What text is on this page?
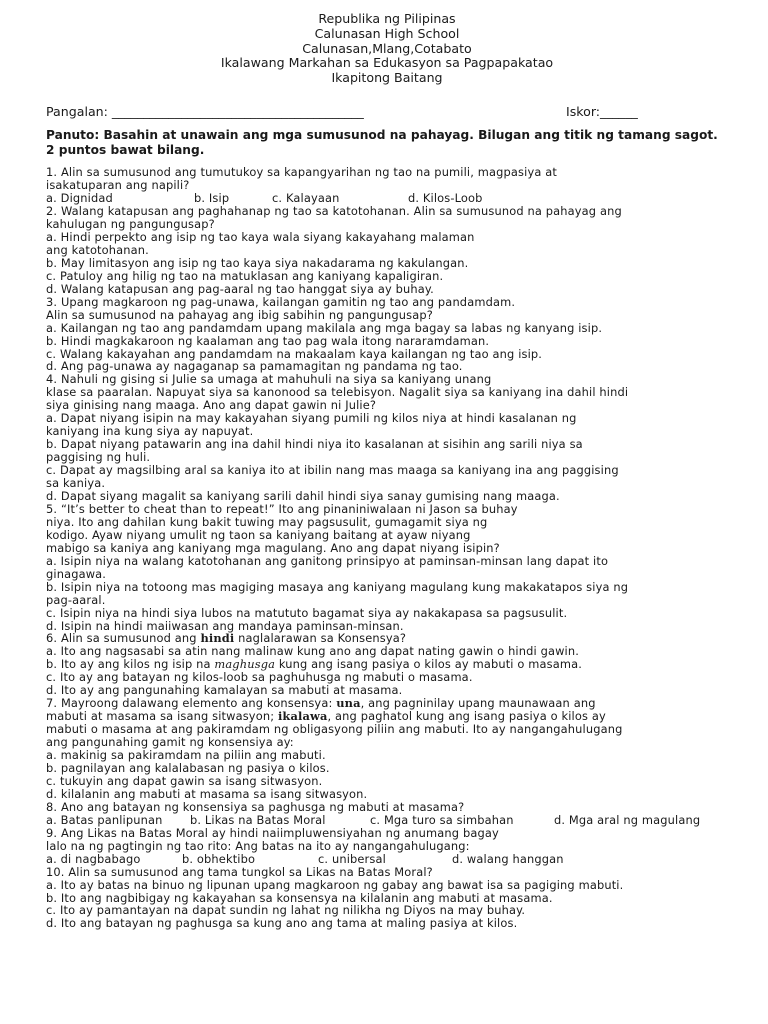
Republika ng Pilipinas
Calunasan High School
Calunasan,Mlang,Cotabato
Ikalawang Markahan sa Edukasyon sa Pagpapakatao
Ikapitong Baitang
Pangalan: ________________________________________	Iskor:______
Panuto: Basahin at unawain ang mga sumusunod na pahayag. Bilugan ang titik ng tamang sagot. 2 puntos bawat bilang.
1. Alin sa sumusunod ang tumutukoy sa kapangyarihan ng tao na pumili, magpasiya at
isakatuparan ang napili?
a. Dignidad	b. Isip	c. Kalayaan	d. Kilos-Loob
2. Walang katapusan ang paghahanap ng tao sa katotohanan. Alin sa sumusunod na pahayag ang
kahulugan ng pangungusap?
a. Hindi perpekto ang isip ng tao kaya wala siyang kakayahang malaman
ang katotohanan.
b. May limitasyon ang isip ng tao kaya siya nakadarama ng kakulangan.
c. Patuloy ang hilig ng tao na matuklasan ang kaniyang kapaligiran.
d. Walang katapusan ang pag-aaral ng tao hanggat siya ay buhay.
3. Upang magkaroon ng pag-unawa, kailangan gamitin ng tao ang pandamdam.
Alin sa sumusunod na pahayag ang ibig sabihin ng pangungusap?
a. Kailangan ng tao ang pandamdam upang makilala ang mga bagay sa labas ng kanyang isip.
b. Hindi magkakaroon ng kaalaman ang tao pag wala itong nararamdaman.
c. Walang kakayahan ang pandamdam na makaalam kaya kailangan ng tao ang isip.
d. Ang pag-unawa ay nagaganap sa pamamagitan ng pandama ng tao.
4. Nahuli ng gising si Julie sa umaga at mahuhuli na siya sa kaniyang unang
klase sa paaralan. Napuyat siya sa kanonood sa telebisyon. Nagalit siya sa kaniyang ina dahil hindi
siya ginising nang maaga. Ano ang dapat gawin ni Julie?
a. Dapat niyang isipin na may kakayahan siyang pumili ng kilos niya at hindi kasalanan ng
kaniyang ina kung siya ay napuyat.
b. Dapat niyang patawarin ang ina dahil hindi niya ito kasalanan at sisihin ang sarili niya sa
paggising ng huli.
c. Dapat ay magsilbing aral sa kaniya ito at ibilin nang mas maaga sa kaniyang ina ang paggising
sa kaniya.
d. Dapat siyang magalit sa kaniyang sarili dahil hindi siya sanay gumising nang maaga.
5. “It’s better to cheat than to repeat!” Ito ang pinaniniwalaan ni Jason sa buhay
niya. Ito ang dahilan kung bakit tuwing may pagsusulit, gumagamit siya ng
kodigo. Ayaw niyang umulit ng taon sa kaniyang baitang at ayaw niyang
mabigo sa kaniya ang kaniyang mga magulang. Ano ang dapat niyang isipin?
a. Isipin niya na walang katotohanan ang ganitong prinsipyo at paminsan-minsan lang dapat ito
ginagawa.
b. Isipin niya na totoong mas magiging masaya ang kaniyang magulang kung makakatapos siya ng
pag-aaral.
c. Isipin niya na hindi siya lubos na matututo bagamat siya ay nakakapasa sa pagsusulit.
d. Isipin na hindi maiiwasan ang mandaya paminsan-minsan.
6. Alin sa sumusunod ang hindi naglalarawan sa Konsensya?
a. Ito ang nagsasabi sa atin nang malinaw kung ano ang dapat nating gawin o hindi gawin.
b. Ito ay ang kilos ng isip na maghusga kung ang isang pasiya o kilos ay mabuti o masama.
c. Ito ay ang batayan ng kilos-loob sa paghuhusga ng mabuti o masama.
d. Ito ay ang pangunahing kamalayan sa mabuti at masama.
7. Mayroong dalawang elemento ang konsensya: una, ang pagninilay upang maunawaan ang
mabuti at masama sa isang sitwasyon; ikalawa, ang paghatol kung ang isang pasiya o kilos ay
mabuti o masama at ang pakiramdam ng obligasyong piliin ang mabuti. Ito ay nangangahulugang
ang pangunahing gamit ng konsensiya ay:
a. makinig sa pakiramdam na piliin ang mabuti.
b. pagnilayan ang kalalabasan ng pasiya o kilos.
c. tukuyin ang dapat gawin sa isang sitwasyon.
d. kilalanin ang mabuti at masama sa isang sitwasyon.
8. Ano ang batayan ng konsensiya sa paghusga ng mabuti at masama?
a. Batas panlipunan b. Likas na Batas Moral	c. Mga turo sa simbahan	d. Mga aral ng magulang
9. Ang Likas na Batas Moral ay hindi naiimpluwensiyahan ng anumang bagay
lalo na ng pagtingin ng tao rito: Ang batas na ito ay nangangahulugang:
a. di nagbabago	b. obhektibo	c. unibersal	d. walang hanggan
10. Alin sa sumusunod ang tama tungkol sa Likas na Batas Moral?
a. Ito ay batas na binuo ng lipunan upang magkaroon ng gabay ang bawat isa sa pagiging mabuti.
b. Ito ang nagbibigay ng kakayahan sa konsensya na kilalanin ang mabuti at masama.
c. Ito ay pamantayan na dapat sundin ng lahat ng nilikha ng Diyos na may buhay.
d. Ito ang batayan ng paghusga sa kung ano ang tama at maling pasiya at kilos.
